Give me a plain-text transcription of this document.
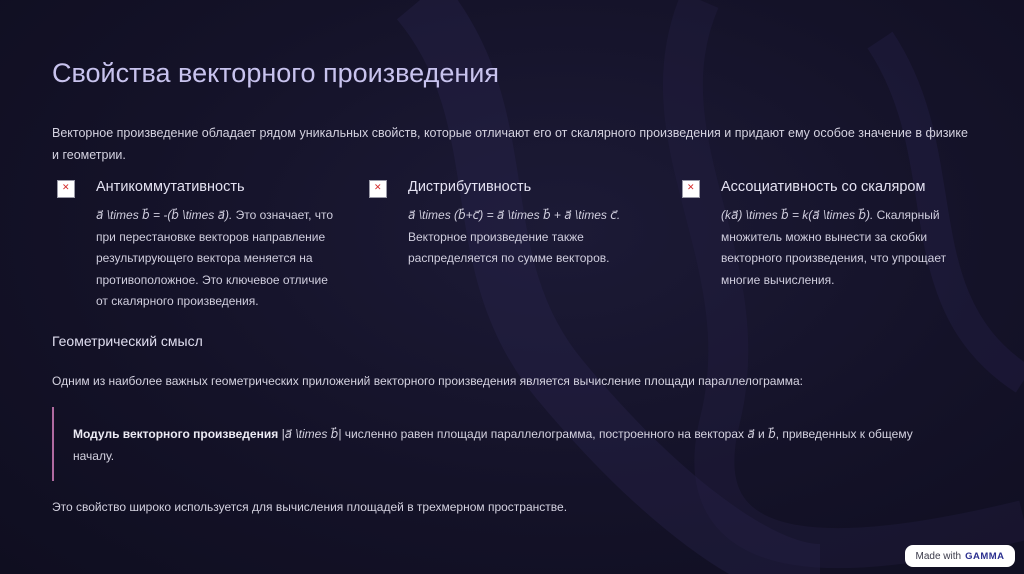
Свойства векторного произведения

Векторное произведение обладает рядом уникальных свойств, которые отличают его от скалярного произведения и придают ему особое значение в физике и геометрии.

✕
Антикоммутативность
a⃗ \times b⃗ = -(b⃗ \times a⃗). Это означает, что при перестановке векторов направление результирующего вектора меняется на противоположное. Это ключевое отличие от скалярного произведения.
✕
Дистрибутивность
a⃗ \times (b⃗+c⃗) = a⃗ \times b⃗ + a⃗ \times c⃗. Векторное произведение также распределяется по сумме векторов.
✕
Ассоциативность со скаляром
(ka⃗) \times b⃗ = k(a⃗ \times b⃗). Скалярный множитель можно вынести за скобки векторного произведения, что упрощает многие вычисления.
Геометрический смысл

Одним из наиболее важных геометрических приложений векторного произведения является вычисление площади параллелограмма:

Модуль векторного произведения |a⃗ \times b⃗| численно равен площади параллелограмма, построенного на векторах a⃗ и b⃗, приведенных к общему началу.

Это свойство широко используется для вычисления площадей в трехмерном пространстве.

Made with GAMMA
